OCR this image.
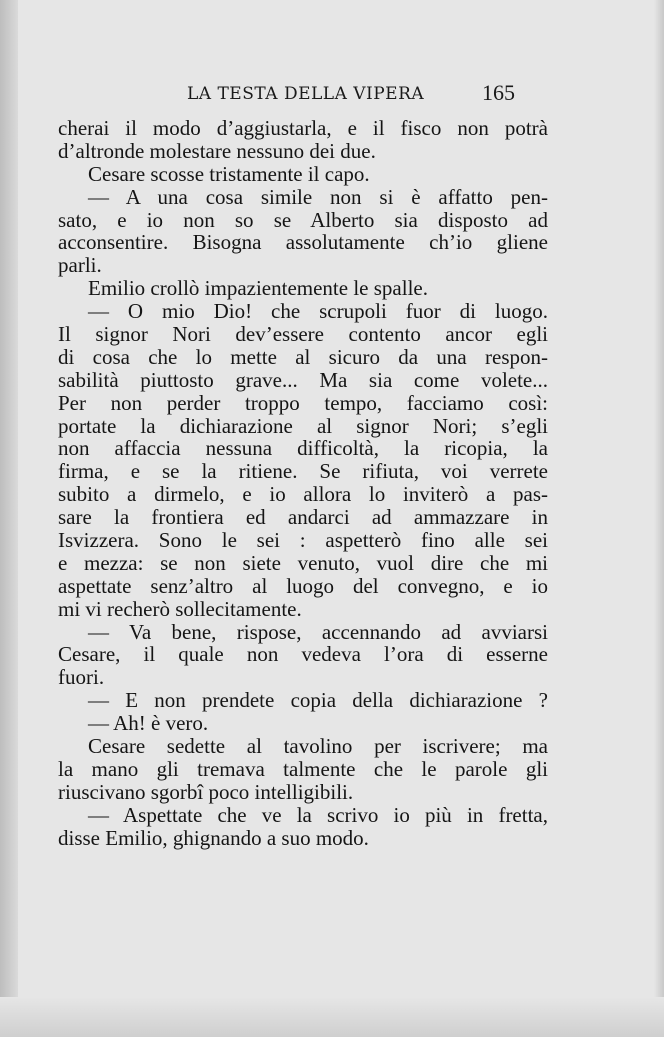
LA TESTA DELLA VIPERA	165
cherai il modo d’aggiustarla, e il fisco non potrà
d’altronde molestare nessuno dei due.
Cesare scosse tristamente il capo.
— A una cosa simile non si è affatto pen-
sato, e io non so se Alberto sia disposto ad
acconsentire. Bisogna assolutamente ch’io gliene
parli.
Emilio crollò impazientemente le spalle.
— O mio Dio! che scrupoli fuor di luogo.
Il signor Nori dev’essere contento ancor egli
di cosa che lo mette al sicuro da una respon-
sabilità piuttosto grave... Ma sia come volete...
Per non perder troppo tempo, facciamo così:
portate la dichiarazione al signor Nori; s’egli
non affaccia nessuna difficoltà, la ricopia, la
firma, e se la ritiene. Se rifiuta, voi verrete
subito a dirmelo, e io allora lo inviterò a pas-
sare la frontiera ed andarci ad ammazzare in
Isvizzera. Sono le sei : aspetterò fino alle sei
e mezza: se non siete venuto, vuol dire che mi
aspettate senz’altro al luogo del convegno, e io
mi vi recherò sollecitamente.
— Va bene, rispose, accennando ad avviarsi
Cesare, il quale non vedeva l’ora di esserne
fuori.
— E non prendete copia della dichiarazione ?
— Ah! è vero.
Cesare sedette al tavolino per iscrivere; ma
la mano gli tremava talmente che le parole gli
riuscivano sgorbî poco intelligibili.
— Aspettate che ve la scrivo io più in fretta,
disse Emilio, ghignando a suo modo.
